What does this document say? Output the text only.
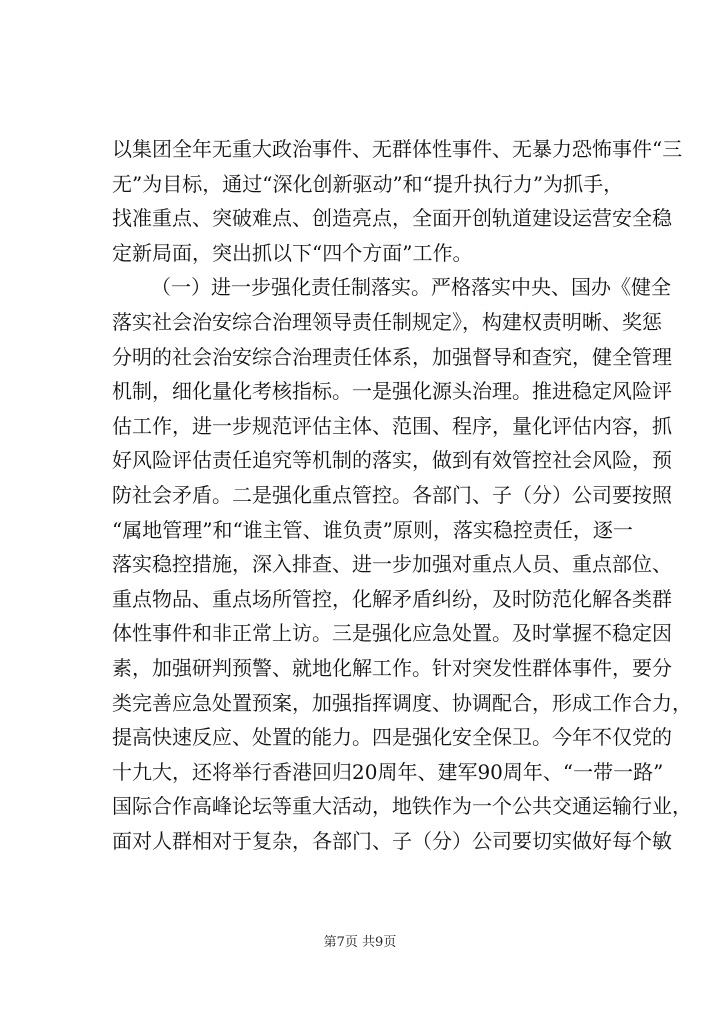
以集团全年无重大政治事件、无群体性事件、无暴力恐怖事件“三
无”为目标，通过“深化创新驱动”和“提升执行力”为抓手，
找准重点、突破难点、创造亮点，全面开创轨道建设运营安全稳
定新局面，突出抓以下“四个方面”工作。
（一）进一步强化责任制落实。严格落实中央、国办《健全
落实社会治安综合治理领导责任制规定》，构建权责明晰、奖惩
分明的社会治安综合治理责任体系，加强督导和查究，健全管理
机制，细化量化考核指标。一是强化源头治理。推进稳定风险评
估工作，进一步规范评估主体、范围、程序，量化评估内容，抓
好风险评估责任追究等机制的落实，做到有效管控社会风险，预
防社会矛盾。二是强化重点管控。各部门、子（分）公司要按照
“属地管理”和“谁主管、谁负责”原则，落实稳控责任，逐一
落实稳控措施，深入排查、进一步加强对重点人员、重点部位、
重点物品、重点场所管控，化解矛盾纠纷，及时防范化解各类群
体性事件和非正常上访。三是强化应急处置。及时掌握不稳定因
素，加强研判预警、就地化解工作。针对突发性群体事件，要分
类完善应急处置预案，加强指挥调度、协调配合，形成工作合力，
提高快速反应、处置的能力。四是强化安全保卫。今年不仅党的
十九大，还将举行香港回归20周年、建军90周年、“一带一路”
国际合作高峰论坛等重大活动，地铁作为一个公共交通运输行业，
面对人群相对于复杂，各部门、子（分）公司要切实做好每个敏
第7页 共9页
